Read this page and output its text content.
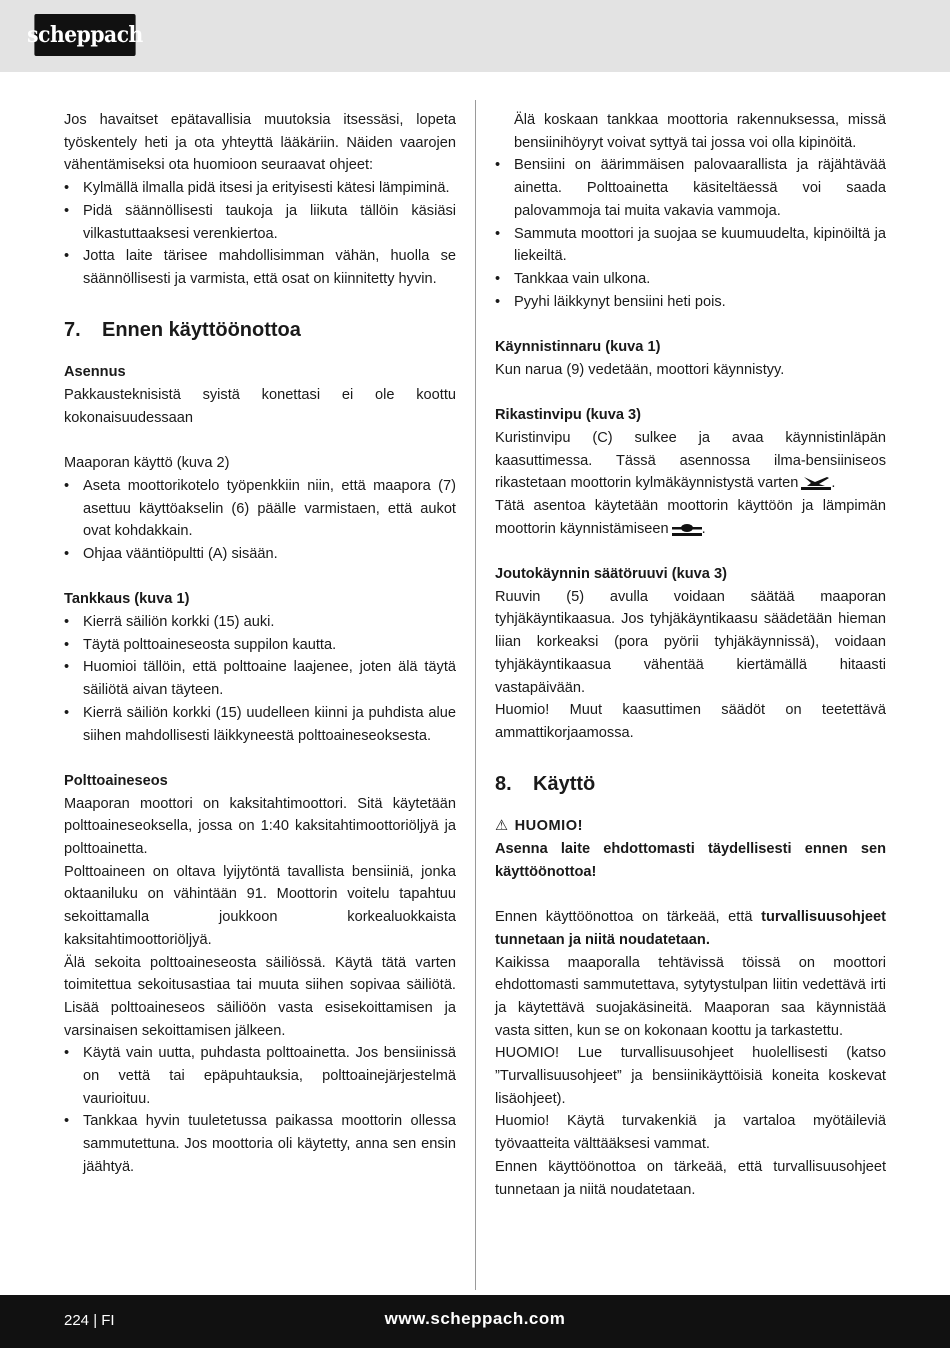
scheppach

Jos havaitset epätavallisia muutoksia itsessäsi, lopeta työskentely heti ja ota yhteyttä lääkäriin. Näiden vaarojen vähentämiseksi ota huomioon seuraavat ohjeet:

• Kylmällä ilmalla pidä itsesi ja erityisesti kätesi lämpiminä.
• Pidä säännöllisesti taukoja ja liikuta tällöin käsiäsi vilkastuttaaksesi verenkiertoa.
• Jotta laite tärisee mahdollisimman vähän, huolla se säännöllisesti ja varmista, että osat on kiinnitetty hyvin.
7. Ennen käyttöönottoa

Asennus

Pakkausteknisistä syistä konettasi ei ole koottu kokonaisuudessaan

Maaporan käyttö (kuva 2)

• Aseta moottorikotelo työpenkkiin niin, että maapora (7) asettuu käyttöakselin (6) päälle varmistaen, että aukot ovat kohdakkain.
• Ohjaa vääntiöpultti (A) sisään.

Tankkaus (kuva 1)

• Kierrä säiliön korkki (15) auki.
• Täytä polttoaineseosta suppilon kautta.
• Huomioi tällöin, että polttoaine laajenee, joten älä täytä säiliötä aivan täyteen.
• Kierrä säiliön korkki (15) uudelleen kiinni ja puhdista alue siihen mahdollisesti läikkyneestä polttoaineseoksesta.

Polttoaineseos

Maaporan moottori on kaksitahtimoottori. Sitä käytetään polttoaineseoksella, jossa on 1:40 kaksitahtimoottoriöljyä ja polttoainetta.

Polttoaineen on oltava lyijytöntä tavallista bensiiniä, jonka oktaaniluku on vähintään 91. Moottorin voitelu tapahtuu sekoittamalla joukkoon korkealuokkaista kaksitahtimoottoriöljyä.

Älä sekoita polttoaineseosta säiliössä. Käytä tätä varten toimitettua sekoitusastiaa tai muuta siihen sopivaa säiliötä. Lisää polttoaineseos säiliöön vasta esisekoittamisen ja varsinaisen sekoittamisen jälkeen.

• Käytä vain uutta, puhdasta polttoainetta. Jos bensiinissä on vettä tai epäpuhtauksia, polttoainejärjestelmä vaurioituu.
• Tankkaa hyvin tuuletetussa paikassa moottorin ollessa sammutettuna. Jos moottoria oli käytetty, anna sen ensin jäähtyä.

Älä koskaan tankkaa moottoria rakennuksessa, missä bensiinihöyryt voivat syttyä tai jossa voi olla kipinöitä.

• Bensiini on äärimmäisen palovaarallista ja räjähtävää ainetta. Polttoainetta käsiteltäessä voi saada palovammoja tai muita vakavia vammoja.
• Sammuta moottori ja suojaa se kuumuudelta, kipinöiltä ja liekeiltä.
• Tankkaa vain ulkona.
• Pyyhi läikkynyt bensiini heti pois.

Käynnistinnaru (kuva 1)

Kun narua (9) vedetään, moottori käynnistyy.

Rikastinvipu (kuva 3)

Kuristinvipu (C) sulkee ja avaa käynnistinläpän kaasuttimessa. Tässä asennossa ilma-bensiiniseos rikastetaan moottorin kylmäkäynnistystä varten .

Tätä asentoa käytetään moottorin käyttöön ja lämpimän moottorin käynnistämiseen .

Joutokäynnin säätöruuvi (kuva 3)

Ruuvin (5) avulla voidaan säätää maaporan tyhjäkäyntikaasua. Jos tyhjäkäyntikaasu säädetään hieman liian korkeaksi (pora pyörii tyhjäkäynnissä), voidaan tyhjäkäyntikaasua vähentää kiertämällä hitaasti vastapäivään.

Huomio! Muut kaasuttimen säädöt on teetettävä ammattikorjaamossa.

8. Käyttö

⚠ HUOMIO!

Asenna laite ehdottomasti täydellisesti ennen sen käyttöönottoa!

Ennen käyttöönottoa on tärkeää, että turvallisuusohjeet tunnetaan ja niitä noudatetaan.

Kaikissa maaporalla tehtävissä töissä on moottori ehdottomasti sammutettava, sytytystulpan liitin vedettävä irti ja käytettävä suojakäsineitä. Maaporan saa käynnistää vasta sitten, kun se on kokonaan koottu ja tarkastettu.

HUOMIO! Lue turvallisuusohjeet huolellisesti (katso ”Turvallisuusohjeet” ja bensiinikäyttöisiä koneita koskevat lisäohjeet).

Huomio! Käytä turvakenkiä ja vartaloa myötäileviä työvaatteita välttääksesi vammat.

Ennen käyttöönottoa on tärkeää, että turvallisuusohjeet tunnetaan ja niitä noudatetaan.

224 | FI	www.scheppach.com
